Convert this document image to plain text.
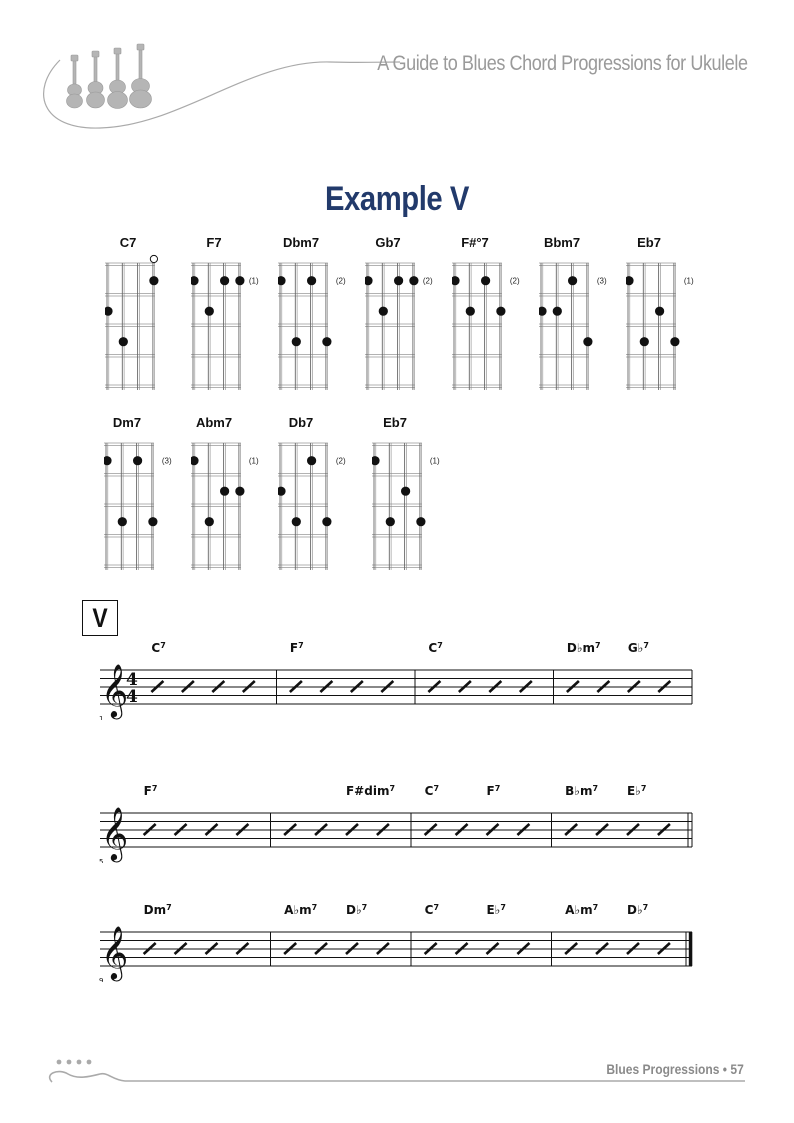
A Guide to Blues Chord Progressions for Ukulele
Example V
C7	F7
(1)
Dbm7
(2)
Gb7
(2)
F#°7
(2)
Bbm7
(3)
Eb7
(1)
Dm7
(3)
Abm7
(1)
Db7
(2)
Eb7
(1)
V
𝄞
1
4
4
$C^7$	$F^7$	$C^7$	$D♭m^7$ G♭$^7$
𝄞
5
$F^7$	F#dim$^7$ $C^7$	$F^7$	$B♭m^7$ E♭$^7$
𝄞
9
Dm$^7$	$A♭m^7$ D♭$^7$	$C^7$	E♭$^7$	$A♭m^7$ D♭$^7$
Blues Progressions • 57
